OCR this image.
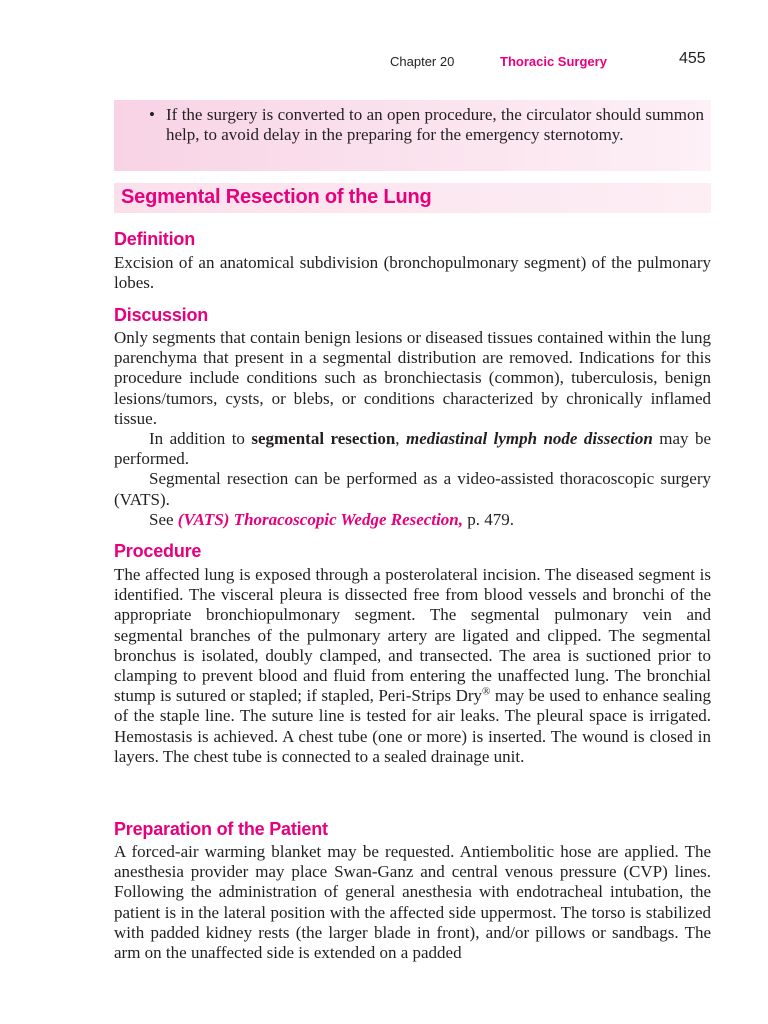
Chapter 20	Thoracic Surgery	455
• If the surgery is converted to an open procedure, the circulator should summon help, to avoid delay in the preparing for the emergency sternotomy.
Segmental Resection of the Lung
Definition

Excision of an anatomical subdivision (bronchopulmonary segment) of the pulmonary lobes.

Discussion

Only segments that contain benign lesions or diseased tissues contained within the lung parenchyma that present in a segmental distribution are removed. Indications for this procedure include conditions such as bronchiectasis (common), tuberculosis, benign lesions/tumors, cysts, or blebs, or conditions characterized by chronically inflamed tissue.

In addition to segmental resection, mediastinal lymph node dissection may be performed.

Segmental resection can be performed as a video-assisted thoracoscopic surgery (VATS).

See (VATS) Thoracoscopic Wedge Resection, p. 479.

Procedure

The affected lung is exposed through a posterolateral incision. The diseased segment is identified. The visceral pleura is dissected free from blood vessels and bronchi of the appropriate bronchiopulmonary segment. The segmental pulmonary vein and segmental branches of the pulmonary artery are ligated and clipped. The segmental bronchus is isolated, doubly clamped, and transected. The area is suctioned prior to clamping to prevent blood and fluid from entering the unaffected lung. The bronchial stump is sutured or stapled; if stapled, Peri-Strips Dry® may be used to enhance sealing of the staple line. The suture line is tested for air leaks. The pleural space is irrigated. Hemostasis is achieved. A chest tube (one or more) is inserted. The wound is closed in layers. The chest tube is connected to a sealed drainage unit.

Preparation of the Patient

A forced-air warming blanket may be requested. Antiembolitic hose are applied. The anesthesia provider may place Swan-Ganz and central venous pressure (CVP) lines. Following the administration of general anesthesia with endotracheal intubation, the patient is in the lateral position with the affected side uppermost. The torso is stabilized with padded kidney rests (the larger blade in front), and/or pillows or sandbags. The arm on the unaffected side is extended on a padded
